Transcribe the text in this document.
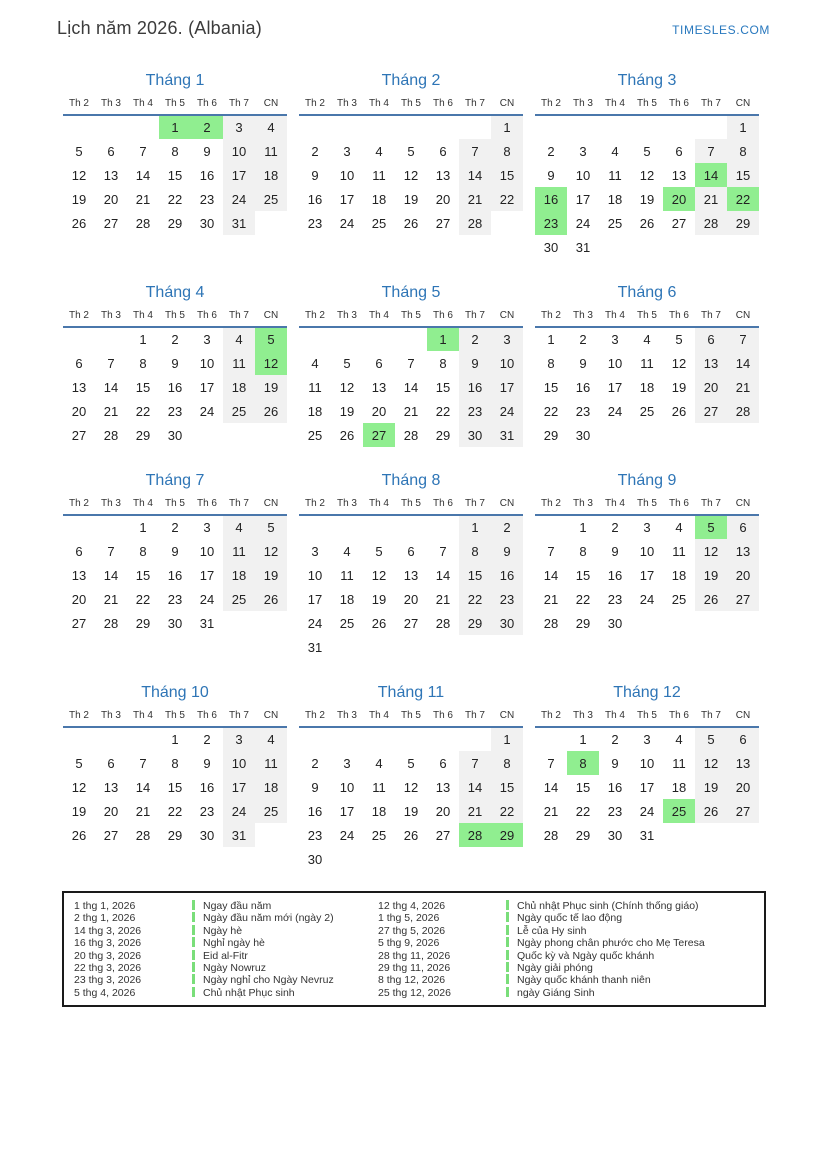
Lịch năm 2026. (Albania)	TIMESLES.COM
Tháng 1
Th 2	Th 3	Th 4	Th 5	Th 6	Th 7	CN
			1	2	3	4
5	6	7	8	9	10	11
12	13	14	15	16	17	18
19	20	21	22	23	24	25
26	27	28	29	30	31	
Tháng 2
Th 2	Th 3	Th 4	Th 5	Th 6	Th 7	CN
						1
2	3	4	5	6	7	8
9	10	11	12	13	14	15
16	17	18	19	20	21	22
23	24	25	26	27	28	
Tháng 3
Th 2	Th 3	Th 4	Th 5	Th 6	Th 7	CN
						1
2	3	4	5	6	7	8
9	10	11	12	13	14	15
16	17	18	19	20	21	22
23	24	25	26	27	28	29
30	31					
Tháng 4
Th 2	Th 3	Th 4	Th 5	Th 6	Th 7	CN
		1	2	3	4	5
6	7	8	9	10	11	12
13	14	15	16	17	18	19
20	21	22	23	24	25	26
27	28	29	30			
Tháng 5
Th 2	Th 3	Th 4	Th 5	Th 6	Th 7	CN
				1	2	3
4	5	6	7	8	9	10
11	12	13	14	15	16	17
18	19	20	21	22	23	24
25	26	27	28	29	30	31
Tháng 6
Th 2	Th 3	Th 4	Th 5	Th 6	Th 7	CN
1	2	3	4	5	6	7
8	9	10	11	12	13	14
15	16	17	18	19	20	21
22	23	24	25	26	27	28
29	30					
Tháng 7
Th 2	Th 3	Th 4	Th 5	Th 6	Th 7	CN
		1	2	3	4	5
6	7	8	9	10	11	12
13	14	15	16	17	18	19
20	21	22	23	24	25	26
27	28	29	30	31		
Tháng 8
Th 2	Th 3	Th 4	Th 5	Th 6	Th 7	CN
					1	2
3	4	5	6	7	8	9
10	11	12	13	14	15	16
17	18	19	20	21	22	23
24	25	26	27	28	29	30
31						
Tháng 9
Th 2	Th 3	Th 4	Th 5	Th 6	Th 7	CN
	1	2	3	4	5	6
7	8	9	10	11	12	13
14	15	16	17	18	19	20
21	22	23	24	25	26	27
28	29	30				
Tháng 10
Th 2	Th 3	Th 4	Th 5	Th 6	Th 7	CN
			1	2	3	4
5	6	7	8	9	10	11
12	13	14	15	16	17	18
19	20	21	22	23	24	25
26	27	28	29	30	31	
Tháng 11
Th 2	Th 3	Th 4	Th 5	Th 6	Th 7	CN
						1
2	3	4	5	6	7	8
9	10	11	12	13	14	15
16	17	18	19	20	21	22
23	24	25	26	27	28	29
30						
Tháng 12
Th 2	Th 3	Th 4	Th 5	Th 6	Th 7	CN
	1	2	3	4	5	6
7	8	9	10	11	12	13
14	15	16	17	18	19	20
21	22	23	24	25	26	27
28	29	30	31			
1 thg 1, 2026	Ngay đầu năm	12 thg 4, 2026	Chủ nhật Phục sinh (Chính thống giáo)
2 thg 1, 2026	Ngày đầu năm mới (ngày 2)	1 thg 5, 2026	Ngày quốc tế lao động
14 thg 3, 2026	Ngày hè	27 thg 5, 2026	Lễ của Hy sinh
16 thg 3, 2026	Nghỉ ngày hè	5 thg 9, 2026	Ngày phong chân phước cho Mẹ Teresa
20 thg 3, 2026	Eid al-Fitr	28 thg 11, 2026	Quốc kỳ và Ngày quốc khánh
22 thg 3, 2026	Ngày Nowruz	29 thg 11, 2026	Ngày giải phóng
23 thg 3, 2026	Ngày nghỉ cho Ngày Nevruz	8 thg 12, 2026	Ngày quốc khánh thanh niên
5 thg 4, 2026	Chủ nhật Phục sinh	25 thg 12, 2026	ngày Giáng Sinh
